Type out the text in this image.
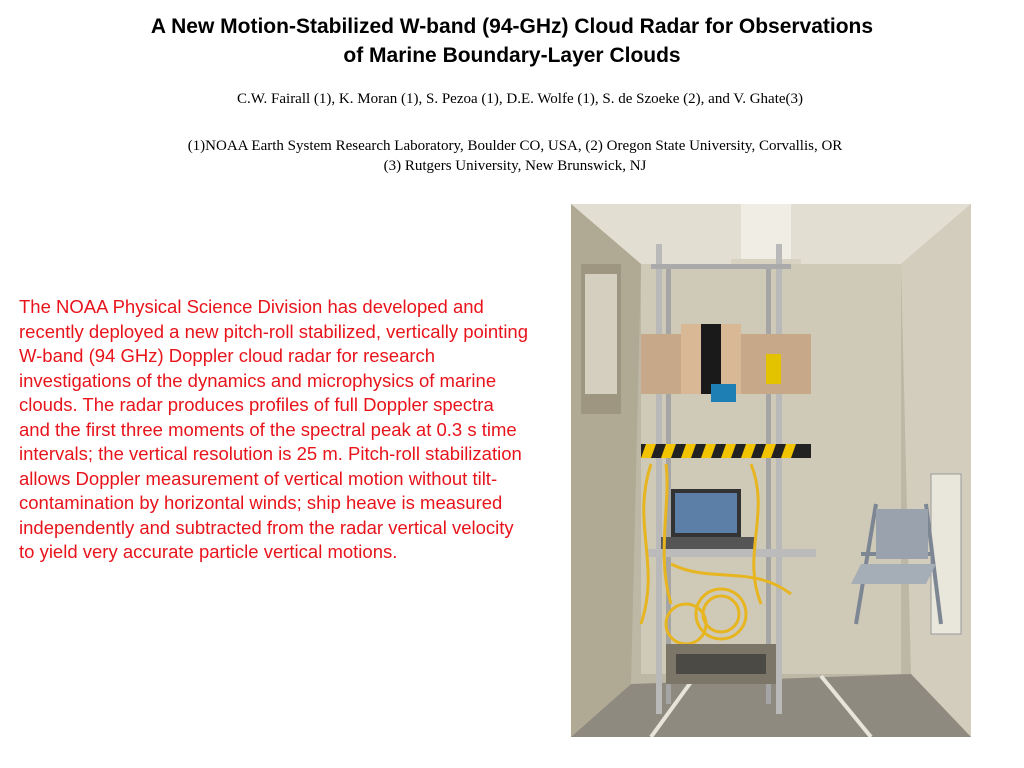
A New Motion-Stabilized W-band (94-GHz) Cloud Radar for Observations
of Marine Boundary-Layer Clouds
C.W. Fairall (1), K. Moran (1), S. Pezoa (1), D.E. Wolfe (1), S. de Szoeke (2), and V. Ghate(3)
(1)NOAA Earth System Research Laboratory, Boulder CO, USA, (2) Oregon State University, Corvallis, OR
(3) Rutgers University, New Brunswick, NJ
The NOAA Physical Science Division has developed and recently deployed a new pitch-roll stabilized, vertically pointing W-band (94 GHz) Doppler cloud radar for research investigations of the dynamics and microphysics of marine clouds. The radar produces profiles of full Doppler spectra and the first three moments of the spectral peak at 0.3 s time intervals; the vertical resolution is 25 m. Pitch-roll stabilization allows Doppler measurement of vertical motion without tilt-contamination by horizontal winds; ship heave is measured independently and subtracted from the radar vertical velocity to yield very accurate particle vertical motions.
